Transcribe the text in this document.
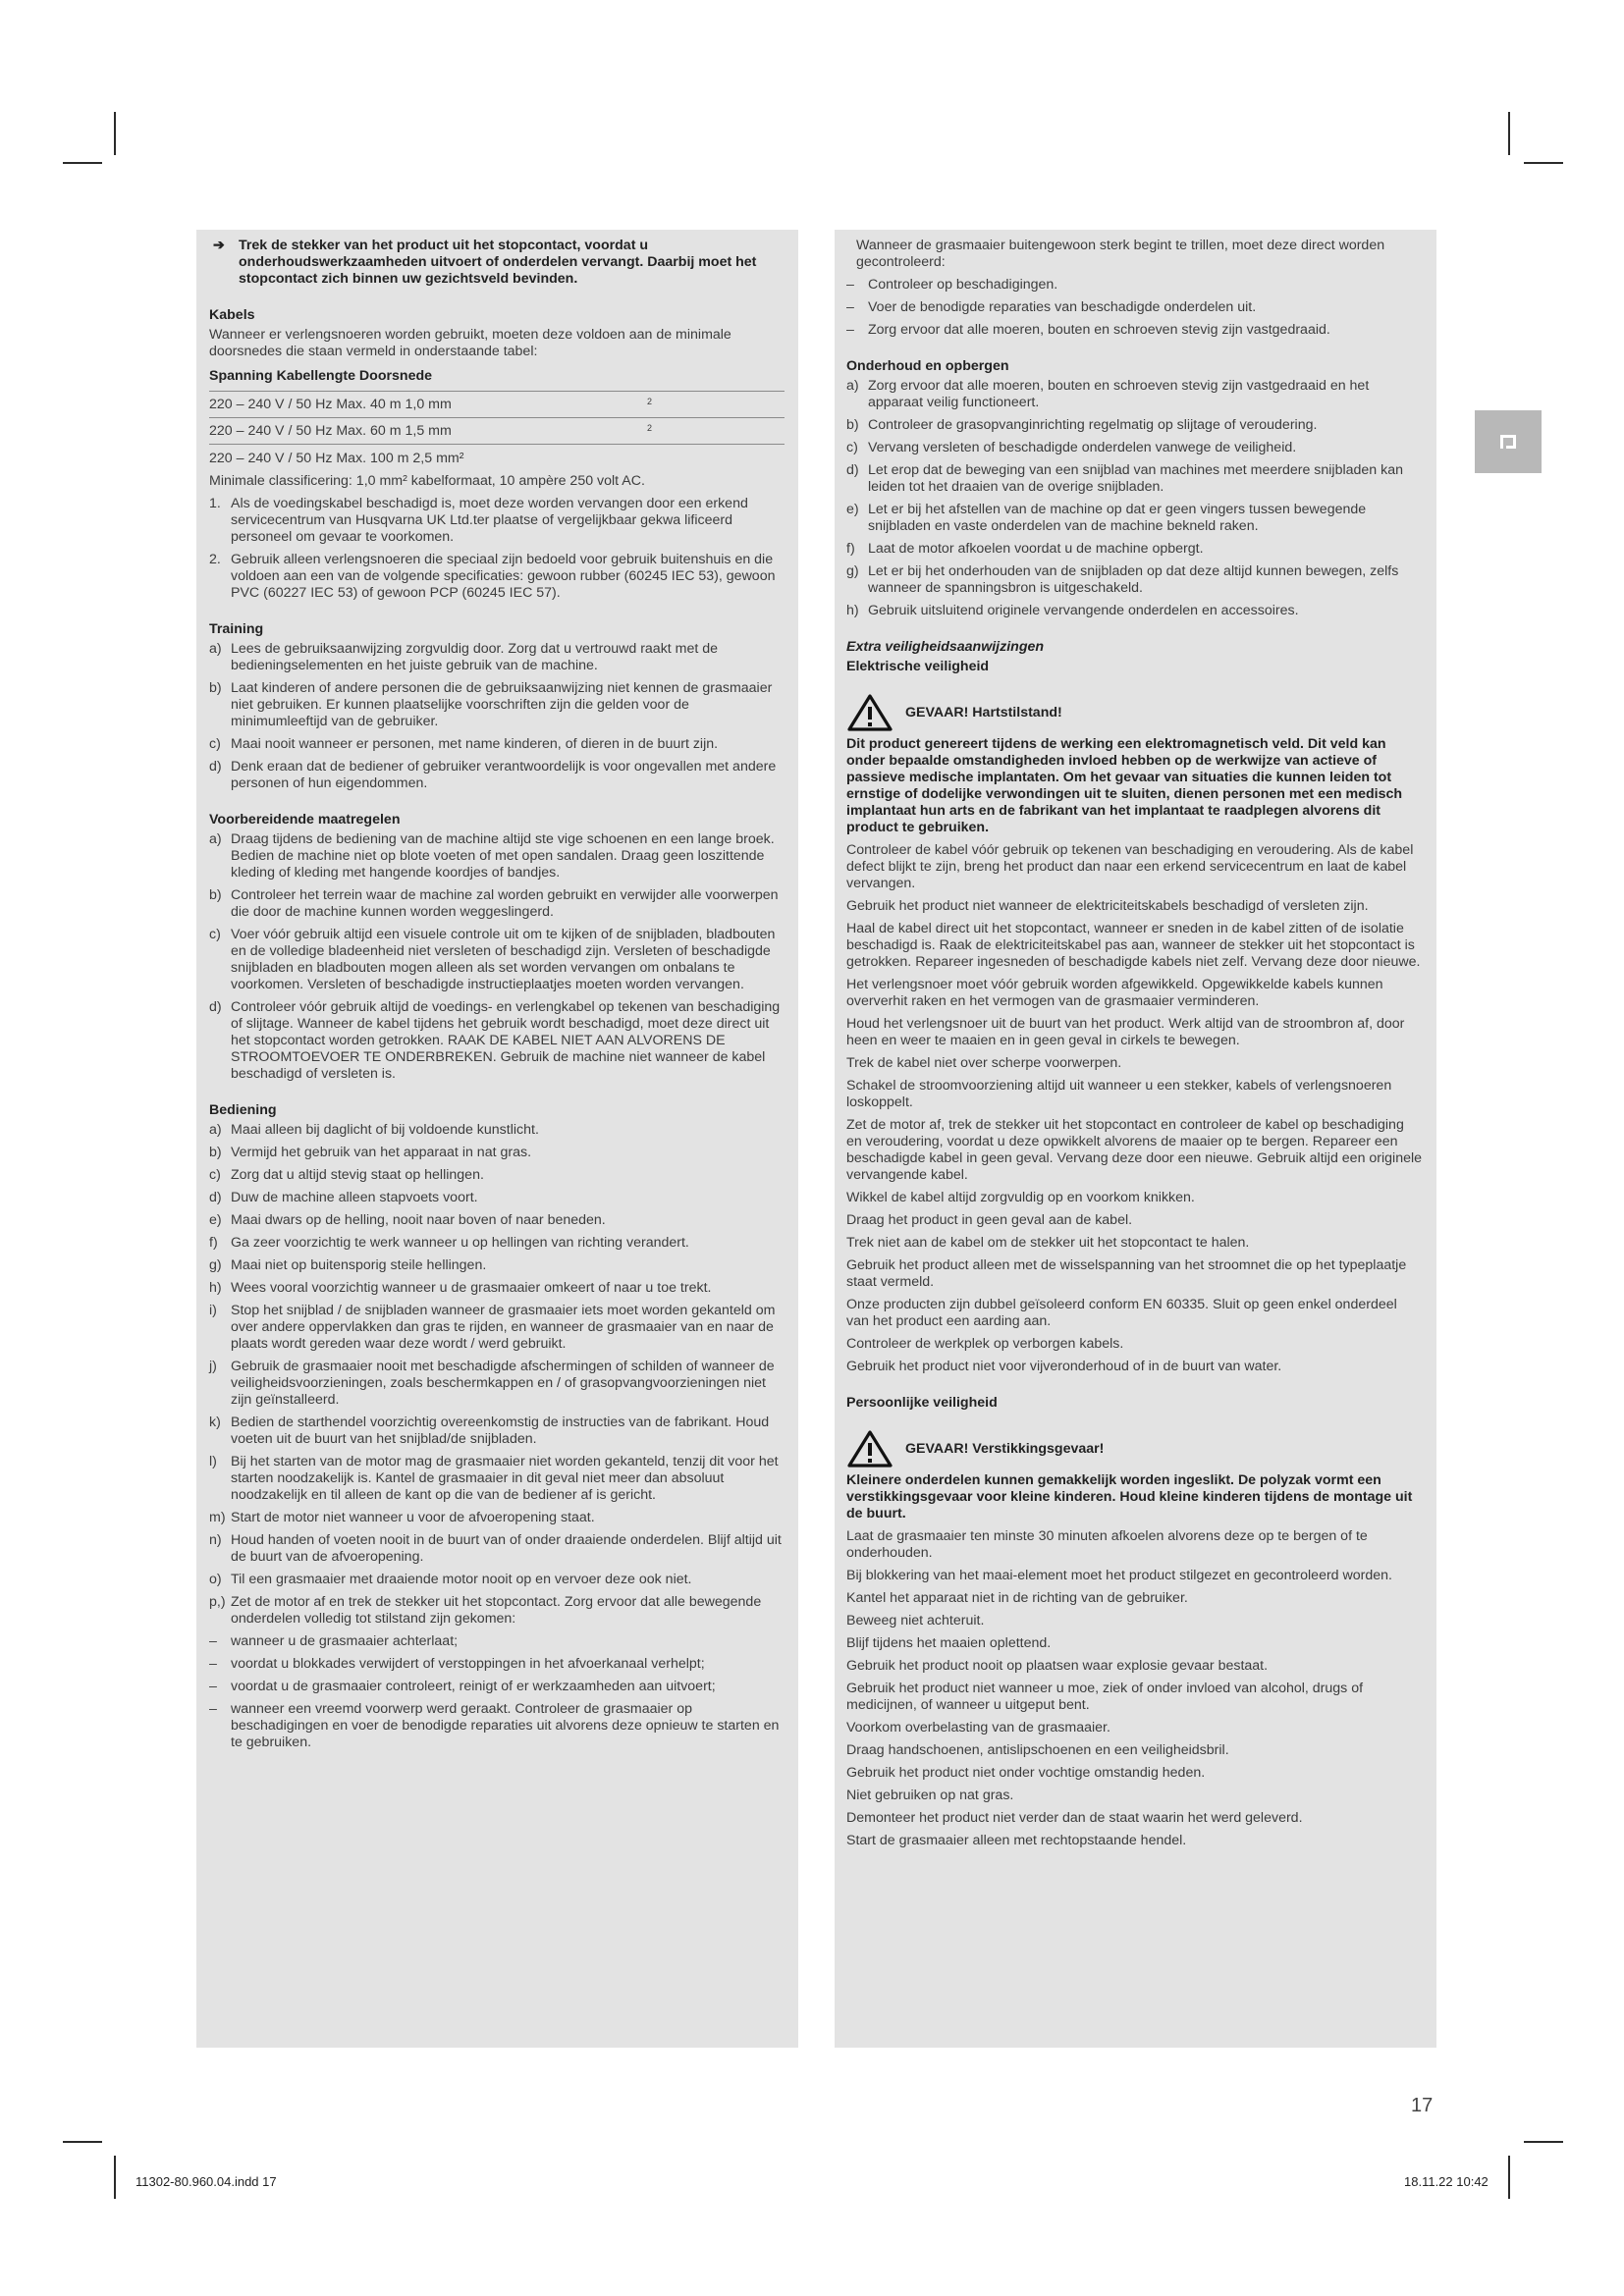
➔ Trek de stekker van het product uit het stopcontact, voordat u onderhoudswerkzaamheden uitvoert of onderdelen vervangt. Daarbij moet het stopcontact zich binnen uw gezichtsveld bevinden.
Kabels
Wanneer er verlengsnoeren worden gebruikt, moeten deze voldoen aan de minimale doorsnedes die staan vermeld in onderstaande tabel:
Spanning Kabellengte Doorsnede
220 – 240 V / 50 Hz Max. 40 m 1,0 mm	2
220 – 240 V / 50 Hz Max. 60 m 1,5 mm	2
220 – 240 V / 50 Hz Max. 100 m 2,5 mm²
Minimale classificering: 1,0 mm² kabelformaat, 10 ampère 250 volt AC.
1. Als de voedingskabel beschadigd is, moet deze worden vervangen door een erkend servicecentrum van Husqvarna UK Ltd.ter plaatse of vergelijkbaar gekwa lificeerd personeel om gevaar te voorkomen.
2. Gebruik alleen verlengsnoeren die speciaal zijn bedoeld voor gebruik buitenshuis en die voldoen aan een van de volgende specificaties: gewoon rubber (60245 IEC 53), gewoon PVC (60227 IEC 53) of gewoon PCP (60245 IEC 57).
Training
a) Lees de gebruiksaanwijzing zorgvuldig door. Zorg dat u vertrouwd raakt met de bedieningselementen en het juiste gebruik van de machine.
b) Laat kinderen of andere personen die de gebruiksaanwijzing niet kennen de grasmaaier niet gebruiken. Er kunnen plaatselijke voorschriften zijn die gelden voor de minimumleeftijd van de gebruiker.
c) Maai nooit wanneer er personen, met name kinderen, of dieren in de buurt zijn.
d) Denk eraan dat de bediener of gebruiker verantwoordelijk is voor ongevallen met andere personen of hun eigendommen.
Voorbereidende maatregelen
a) Draag tijdens de bediening van de machine altijd ste vige schoenen en een lange broek. Bedien de machine niet op blote voeten of met open sandalen. Draag geen loszittende kleding of kleding met hangende koordjes of bandjes.
b) Controleer het terrein waar de machine zal worden gebruikt en verwijder alle voorwerpen die door de machine kunnen worden weggeslingerd.
c) Voer vóór gebruik altijd een visuele controle uit om te kijken of de snijbladen, bladbouten en de volledige bladeenheid niet versleten of beschadigd zijn. Versleten of beschadigde snijbladen en bladbouten mogen alleen als set worden vervangen om onbalans te voorkomen. Versleten of beschadigde instructieplaatjes moeten worden vervangen.
d) Controleer vóór gebruik altijd de voedings- en verlengkabel op tekenen van beschadiging of slijtage. Wanneer de kabel tijdens het gebruik wordt beschadigd, moet deze direct uit het stopcontact worden getrokken. RAAK DE KABEL NIET AAN ALVORENS DE STROOMTOEVOER TE ONDERBREKEN. Gebruik de machine niet wanneer de kabel beschadigd of versleten is.
Bediening
a) Maai alleen bij daglicht of bij voldoende kunstlicht.
b) Vermijd het gebruik van het apparaat in nat gras.
c) Zorg dat u altijd stevig staat op hellingen.
d) Duw de machine alleen stapvoets voort.
e) Maai dwars op de helling, nooit naar boven of naar beneden.
f) Ga zeer voorzichtig te werk wanneer u op hellingen van richting verandert.
g) Maai niet op buitensporig steile hellingen.
h) Wees vooral voorzichtig wanneer u de grasmaaier omkeert of naar u toe trekt.
i) Stop het snijblad / de snijbladen wanneer de grasmaaier iets moet worden gekanteld om over andere oppervlakken dan gras te rijden, en wanneer de grasmaaier van en naar de plaats wordt gereden waar deze wordt / werd gebruikt.
j) Gebruik de grasmaaier nooit met beschadigde afschermingen of schilden of wanneer de veiligheidsvoorzieningen, zoals beschermkappen en / of grasopvangvoorzieningen niet zijn geïnstalleerd.
k) Bedien de starthendel voorzichtig overeenkomstig de instructies van de fabrikant. Houd voeten uit de buurt van het snijblad/de snijbladen.
l) Bij het starten van de motor mag de grasmaaier niet worden gekanteld, tenzij dit voor het starten noodzakelijk is. Kantel de grasmaaier in dit geval niet meer dan absoluut noodzakelijk en til alleen de kant op die van de bediener af is gericht.
m) Start de motor niet wanneer u voor de afvoeropening staat.
n) Houd handen of voeten nooit in de buurt van of onder draaiende onderdelen. Blijf altijd uit de buurt van de afvoeropening.
o) Til een grasmaaier met draaiende motor nooit op en vervoer deze ook niet.
p,) Zet de motor af en trek de stekker uit het stopcontact. Zorg ervoor dat alle bewegende onderdelen volledig tot stilstand zijn gekomen:
– wanneer u de grasmaaier achterlaat;
– voordat u blokkades verwijdert of verstoppingen in het afvoerkanaal verhelpt;
– voordat u de grasmaaier controleert, reinigt of er werkzaamheden aan uitvoert;
– wanneer een vreemd voorwerp werd geraakt. Controleer de grasmaaier op beschadigingen en voer de benodigde reparaties uit alvorens deze opnieuw te starten en te gebruiken.
Wanneer de grasmaaier buitengewoon sterk begint te trillen, moet deze direct worden gecontroleerd:
– Controleer op beschadigingen.
– Voer de benodigde reparaties van beschadigde onderdelen uit.
– Zorg ervoor dat alle moeren, bouten en schroeven stevig zijn vastgedraaid.
Onderhoud en opbergen
a) Zorg ervoor dat alle moeren, bouten en schroeven stevig zijn vastgedraaid en het apparaat veilig functioneert.
b) Controleer de grasopvanginrichting regelmatig op slijtage of veroudering.
c) Vervang versleten of beschadigde onderdelen vanwege de veiligheid.
d) Let erop dat de beweging van een snijblad van machines met meerdere snijbladen kan leiden tot het draaien van de overige snijbladen.
e) Let er bij het afstellen van de machine op dat er geen vingers tussen bewegende snijbladen en vaste onderdelen van de machine bekneld raken.
f) Laat de motor afkoelen voordat u de machine opbergt.
g) Let er bij het onderhouden van de snijbladen op dat deze altijd kunnen bewegen, zelfs wanneer de spanningsbron is uitgeschakeld.
h) Gebruik uitsluitend originele vervangende onderdelen en accessoires.
Extra veiligheidsaanwijzingen
Elektrische veiligheid
GEVAAR! Hartstilstand!
Dit product genereert tijdens de werking een elektromagnetisch veld. Dit veld kan onder bepaalde omstandigheden invloed hebben op de werkwijze van actieve of passieve medische implantaten. Om het gevaar van situaties die kunnen leiden tot ernstige of dodelijke verwondingen uit te sluiten, dienen personen met een medisch implantaat hun arts en de fabrikant van het implantaat te raadplegen alvorens dit product te gebruiken.
Controleer de kabel vóór gebruik op tekenen van beschadiging en veroudering. Als de kabel defect blijkt te zijn, breng het product dan naar een erkend servicecentrum en laat de kabel vervangen.
Gebruik het product niet wanneer de elektriciteitskabels beschadigd of versleten zijn.
Haal de kabel direct uit het stopcontact, wanneer er sneden in de kabel zitten of de isolatie beschadigd is. Raak de elektriciteitskabel pas aan, wanneer de stekker uit het stopcontact is getrokken. Repareer ingesneden of beschadigde kabels niet zelf. Vervang deze door nieuwe.
Het verlengsnoer moet vóór gebruik worden afgewikkeld. Opgewikkelde kabels kunnen oververhit raken en het vermogen van de grasmaaier verminderen.
Houd het verlengsnoer uit de buurt van het product. Werk altijd van de stroombron af, door heen en weer te maaien en in geen geval in cirkels te bewegen.
Trek de kabel niet over scherpe voorwerpen.
Schakel de stroomvoorziening altijd uit wanneer u een stekker, kabels of verlengsnoeren loskoppelt.
Zet de motor af, trek de stekker uit het stopcontact en controleer de kabel op beschadiging en veroudering, voordat u deze opwikkelt alvorens de maaier op te bergen. Repareer een beschadigde kabel in geen geval. Vervang deze door een nieuwe. Gebruik altijd een originele vervangende kabel.
Wikkel de kabel altijd zorgvuldig op en voorkom knikken.
Draag het product in geen geval aan de kabel.
Trek niet aan de kabel om de stekker uit het stopcontact te halen.
Gebruik het product alleen met de wisselspanning van het stroomnet die op het typeplaatje staat vermeld.
Onze producten zijn dubbel geïsoleerd conform EN 60335. Sluit op geen enkel onderdeel van het product een aarding aan.
Controleer de werkplek op verborgen kabels.
Gebruik het product niet voor vijveronderhoud of in de buurt van water.
Persoonlijke veiligheid
GEVAAR! Verstikkingsgevaar!
Kleinere onderdelen kunnen gemakkelijk worden ingeslikt. De polyzak vormt een verstikkingsgevaar voor kleine kinderen. Houd kleine kinderen tijdens de montage uit de buurt.
Laat de grasmaaier ten minste 30 minuten afkoelen alvorens deze op te bergen of te onderhouden.
Bij blokkering van het maai-element moet het product stilgezet en gecontroleerd worden.
Kantel het apparaat niet in de richting van de gebruiker.
Beweeg niet achteruit.
Blijf tijdens het maaien oplettend.
Gebruik het product nooit op plaatsen waar explosie gevaar bestaat.
Gebruik het product niet wanneer u moe, ziek of onder invloed van alcohol, drugs of medicijnen, of wanneer u uitgeput bent.
Voorkom overbelasting van de grasmaaier.
Draag handschoenen, antislipschoenen en een veiligheidsbril.
Gebruik het product niet onder vochtige omstandig heden.
Niet gebruiken op nat gras.
Demonteer het product niet verder dan de staat waarin het werd geleverd.
Start de grasmaaier alleen met rechtopstaande hendel.
17
11302-80.960.04.indd 17	18.11.22 10:42
